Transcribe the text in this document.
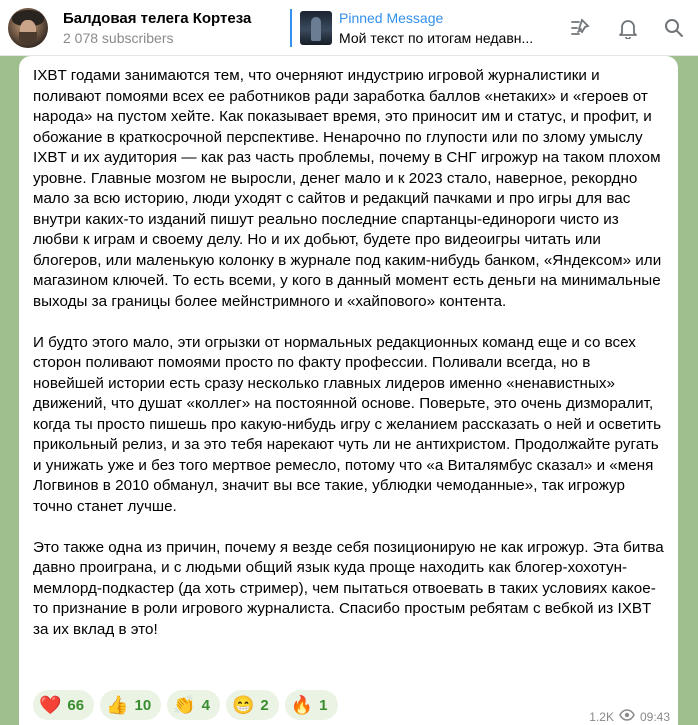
Балдовая телега Кортеза
2 078 subscribers
Pinned Message
Мой текст по итогам недавн...

IXBT годами занимаются тем, что очерняют индустрию игровой журналистики и поливают помоями всех ее работников ради заработка баллов «нетаких» и «героев от народа» на пустом хейте. Как показывает время, это приносит им и статус, и профит, и обожание в краткосрочной перспективе. Ненарочно по глупости или по злому умыслу IXBT и их аудитория — как раз часть проблемы, почему в СНГ игрожур на таком плохом уровне. Главные мозгом не выросли, денег мало и к 2023 стало, наверное, рекордно мало за всю историю, люди уходят с сайтов и редакций пачками и про игры для вас внутри каких-то изданий пишут реально последние спартанцы-единороги чисто из любви к играм и своему делу. Но и их добьют, будете про видеоигры читать или блогеров, или маленькую колонку в журнале под каким-нибудь банком, «Яндексом» или магазином ключей. То есть всеми, у кого в данный момент есть деньги на минимальные выходы за границы более мейнстримного и «хайпового» контента.

И будто этого мало, эти огрызки от нормальных редакционных команд еще и со всех сторон поливают помоями просто по факту профессии. Поливали всегда, но в новейшей истории есть сразу несколько главных лидеров именно «ненавистных» движений, что душат «коллег» на постоянной основе. Поверьте, это очень дизморалит, когда ты просто пишешь про какую-нибудь игру с желанием рассказать о ней и осветить прикольный релиз, и за это тебя нарекают чуть ли не антихристом. Продолжайте ругать и унижать уже и без того мертвое ремесло, потому что «а Виталямбус сказал» и «меня Логвинов в 2010 обманул, значит вы все такие, ублюдки чемоданные», так игрожур точно станет лучше.

Это также одна из причин, почему я везде себя позиционирую не как игрожур. Эта битва давно проиграна, и с людьми общий язык куда проще находить как блогер-хохотун-мемлорд-подкастер (да хоть стример), чем пытаться отвоевать в таких условиях какое-то признание в роли игрового журналиста. Спасибо простым ребятам с вебкой из IXBT за их вклад в это!

❤️ 66 👍 10 👏 4 😁 2 🔥 1
1.2K 09:43
